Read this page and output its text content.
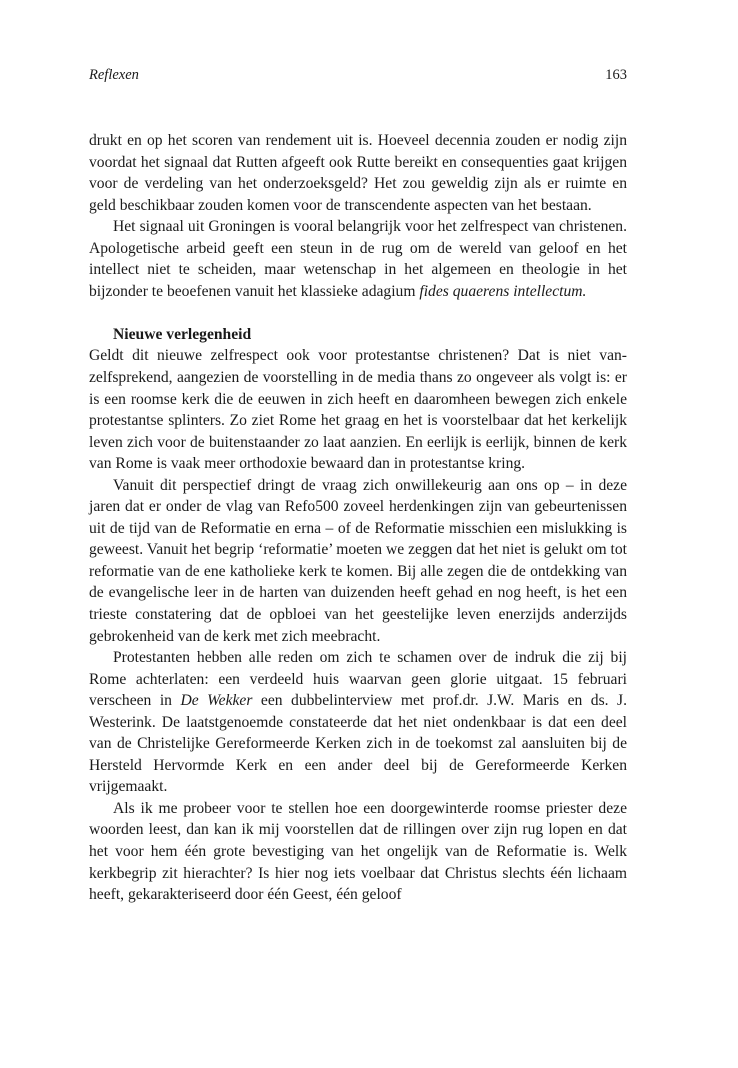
Reflexen	163

drukt en op het scoren van rendement uit is. Hoeveel decennia zouden er nodig zijn voordat het signaal dat Rutten afgeeft ook Rutte bereikt en consequenties gaat krijgen voor de verdeling van het onderzoeksgeld? Het zou geweldig zijn als er ruimte en geld beschikbaar zouden komen voor de transcendente aspecten van het bestaan.

Het signaal uit Groningen is vooral belangrijk voor het zelfrespect van christenen. Apologetische arbeid geeft een steun in de rug om de wereld van geloof en het intellect niet te scheiden, maar wetenschap in het algemeen en theologie in het bijzonder te beoefenen vanuit het klassieke adagium fides quaerens intellectum.

Nieuwe verlegenheid

Geldt dit nieuwe zelfrespect ook voor protestantse christenen? Dat is niet vanzelfsprekend, aangezien de voorstelling in de media thans zo ongeveer als volgt is: er is een roomse kerk die de eeuwen in zich heeft en daaromheen bewegen zich enkele protestantse splinters. Zo ziet Rome het graag en het is voorstelbaar dat het kerkelijk leven zich voor de buitenstaander zo laat aanzien. En eerlijk is eerlijk, binnen de kerk van Rome is vaak meer orthodoxie bewaard dan in protestantse kring.

Vanuit dit perspectief dringt de vraag zich onwillekeurig aan ons op – in deze jaren dat er onder de vlag van Refo500 zoveel herdenkingen zijn van gebeurtenissen uit de tijd van de Reformatie en erna – of de Reformatie misschien een mislukking is geweest. Vanuit het begrip ‘reformatie’ moeten we zeggen dat het niet is gelukt om tot reformatie van de ene katholieke kerk te komen. Bij alle zegen die de ontdekking van de evangelische leer in de harten van duizenden heeft gehad en nog heeft, is het een trieste constatering dat de opbloei van het geestelijke leven enerzijds anderzijds gebrokenheid van de kerk met zich meebracht.

Protestanten hebben alle reden om zich te schamen over de indruk die zij bij Rome achterlaten: een verdeeld huis waarvan geen glorie uitgaat. 15 februari verscheen in De Wekker een dubbelinterview met prof.dr. J.W. Maris en ds. J. Westerink. De laatstgenoemde constateerde dat het niet ondenkbaar is dat een deel van de Christelijke Gereformeerde Kerken zich in de toekomst zal aansluiten bij de Hersteld Hervormde Kerk en een ander deel bij de Gereformeerde Kerken vrijgemaakt.

Als ik me probeer voor te stellen hoe een doorgewinterde roomse priester deze woorden leest, dan kan ik mij voorstellen dat de rillingen over zijn rug lopen en dat het voor hem één grote bevestiging van het ongelijk van de Reformatie is. Welk kerkbegrip zit hierachter? Is hier nog iets voelbaar dat Christus slechts één lichaam heeft, gekarakteriseerd door één Geest, één geloof
